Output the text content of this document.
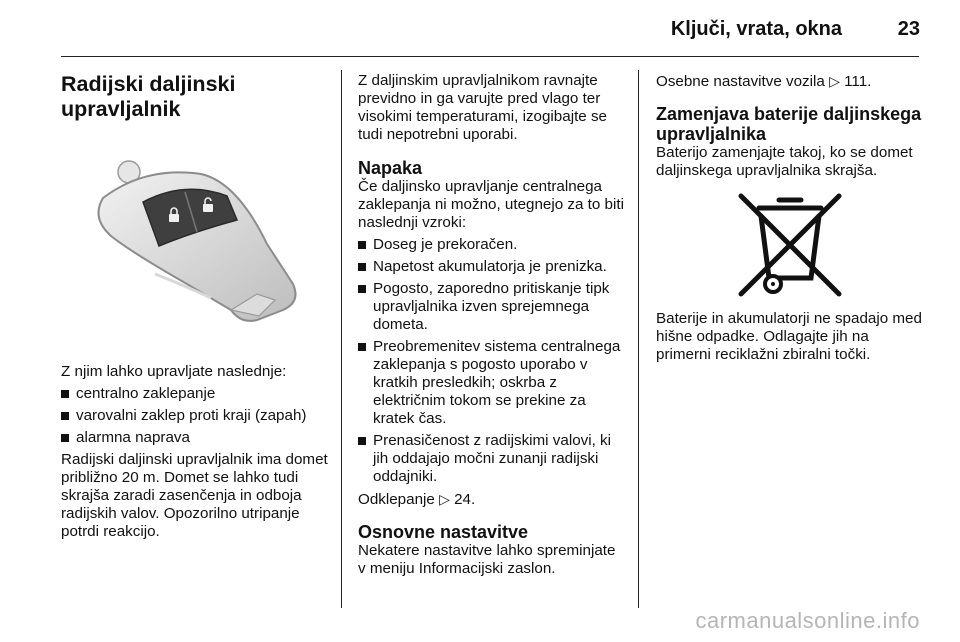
Ključi, vrata, okna	23
Radijski daljinski
upravljalnik

Z njim lahko upravljate naslednje:

centralno zaklepanje
varovalni zaklep proti kraji (zapah)
alarmna naprava

Radijski daljinski upravljalnik ima domet približno 20 m. Domet se lahko tudi skrajša zaradi zasenčenja in odboja radijskih valov. Opozorilno utripanje potrdi reakcijo.

Z daljinskim upravljalnikom ravnajte previdno in ga varujte pred vlago ter visokimi temperaturami, izogibajte se tudi nepotrebni uporabi.

Napaka

Če daljinsko upravljanje centralnega zaklepanja ni možno, utegnejo za to biti naslednji vzroki:

Doseg je prekoračen.
Napetost akumulatorja je prenizka.
Pogosto, zaporedno pritiskanje tipk upravljalnika izven sprejemnega dometa.
Preobremenitev sistema centralnega zaklepanja s pogosto uporabo v kratkih presledkih; oskrba z električnim tokom se prekine za kratek čas.
Prenasičenost z radijskimi valovi, ki jih oddajajo močni zunanji radijski oddajniki.

Odklepanje ▷ 24.

Osnovne nastavitve

Nekatere nastavitve lahko spreminjate v meniju Informacijski zaslon.

Osebne nastavitve vozila ▷ 111.

Zamenjava baterije daljinskega upravljalnika

Baterijo zamenjajte takoj, ko se domet daljinskega upravljalnika skrajša.

Baterije in akumulatorji ne spadajo med hišne odpadke. Odlagajte jih na primerni reciklažni zbiralni točki.

carmanualsonline.info
